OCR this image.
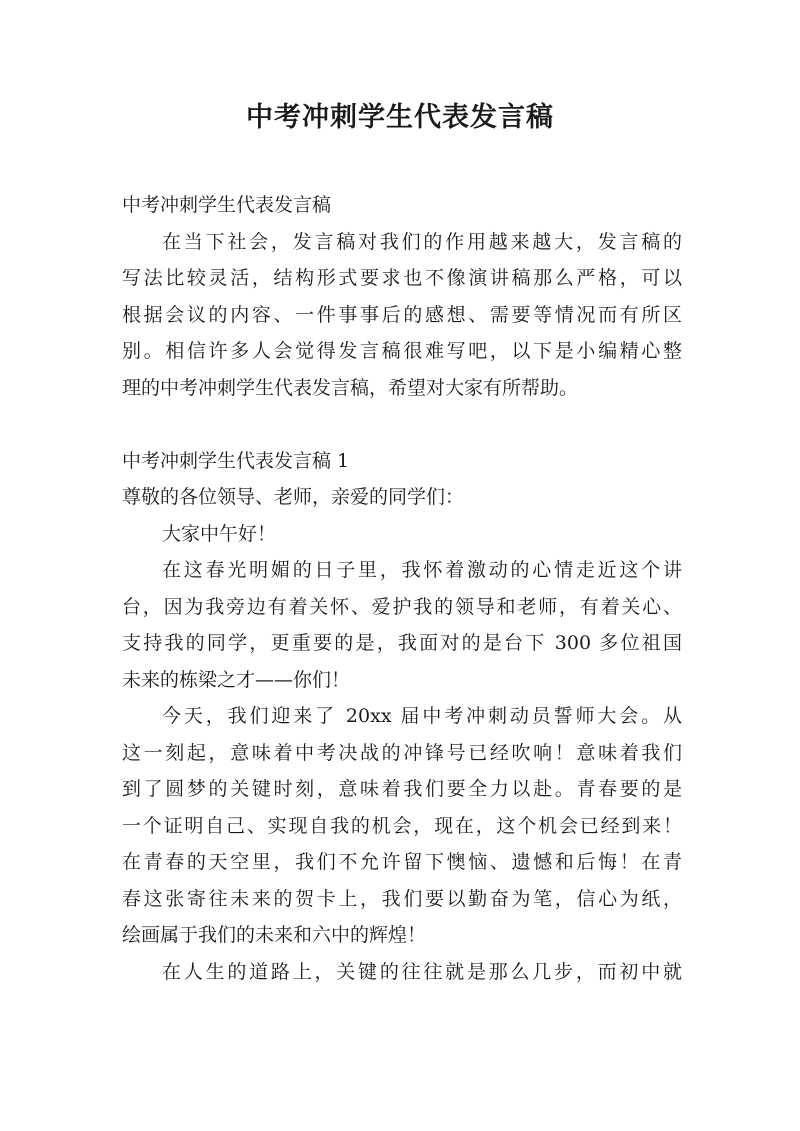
中考冲刺学生代表发言稿
中考冲刺学生代表发言稿
在当下社会，发言稿对我们的作用越来越大，发言稿的
写法比较灵活，结构形式要求也不像演讲稿那么严格，可以
根据会议的内容、一件事事后的感想、需要等情况而有所区
别。相信许多人会觉得发言稿很难写吧，以下是小编精心整
理的中考冲刺学生代表发言稿，希望对大家有所帮助。
中考冲刺学生代表发言稿 1
尊敬的各位领导、老师，亲爱的同学们：
大家中午好！
在这春光明媚的日子里，我怀着激动的心情走近这个讲
台，因为我旁边有着关怀、爱护我的领导和老师，有着关心、
支持我的同学，更重要的是，我面对的是台下 300 多位祖国
未来的栋梁之才——你们！
今天，我们迎来了 20xx 届中考冲刺动员誓师大会。从
这一刻起，意味着中考决战的冲锋号已经吹响！意味着我们
到了圆梦的关键时刻，意味着我们要全力以赴。青春要的是
一个证明自己、实现自我的机会，现在，这个机会已经到来！
在青春的天空里，我们不允许留下懊恼、遗憾和后悔！在青
春这张寄往未来的贺卡上，我们要以勤奋为笔，信心为纸，
绘画属于我们的未来和六中的辉煌！
在人生的道路上，关键的往往就是那么几步，而初中就
